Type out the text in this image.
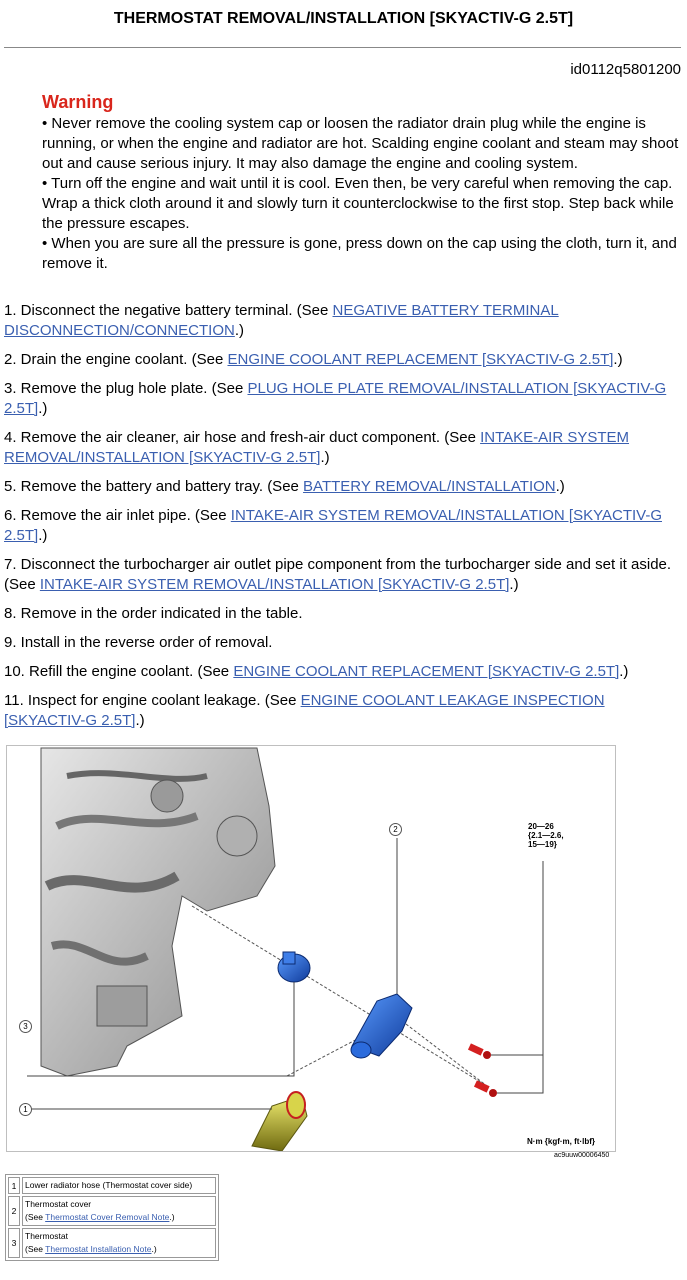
THERMOSTAT REMOVAL/INSTALLATION [SKYACTIV-G 2.5T]
id0112q5801200
Warning

• Never remove the cooling system cap or loosen the radiator drain plug while the engine is running, or when the engine and radiator are hot. Scalding engine coolant and steam may shoot out and cause serious injury. It may also damage the engine and cooling system.

• Turn off the engine and wait until it is cool. Even then, be very careful when removing the cap. Wrap a thick cloth around it and slowly turn it counterclockwise to the first stop. Step back while the pressure escapes.

• When you are sure all the pressure is gone, press down on the cap using the cloth, turn it, and remove it.

1. Disconnect the negative battery terminal. (See NEGATIVE BATTERY TERMINAL DISCONNECTION/CONNECTION.)

2. Drain the engine coolant. (See ENGINE COOLANT REPLACEMENT [SKYACTIV-G 2.5T].)

3. Remove the plug hole plate. (See PLUG HOLE PLATE REMOVAL/INSTALLATION [SKYACTIV-G 2.5T].)

4. Remove the air cleaner, air hose and fresh-air duct component. (See INTAKE-AIR SYSTEM REMOVAL/INSTALLATION [SKYACTIV-G 2.5T].)

5. Remove the battery and battery tray. (See BATTERY REMOVAL/INSTALLATION.)

6. Remove the air inlet pipe. (See INTAKE-AIR SYSTEM REMOVAL/INSTALLATION [SKYACTIV-G 2.5T].)

7. Disconnect the turbocharger air outlet pipe component from the turbocharger side and set it aside. (See INTAKE-AIR SYSTEM REMOVAL/INSTALLATION [SKYACTIV-G 2.5T].)

8. Remove in the order indicated in the table.

9. Install in the reverse order of removal.

10. Refill the engine coolant. (See ENGINE COOLANT REPLACEMENT [SKYACTIV-G 2.5T].)

11. Inspect for engine coolant leakage. (See ENGINE COOLANT LEAKAGE INSPECTION [SKYACTIV-G 2.5T].)

2
3
1
20—26
{2.1—2.6,
15—19}
N·m {kgf·m, ft·lbf}
ac9uuw00006450
1	Lower radiator hose (Thermostat cover side)
2	Thermostat cover
(See Thermostat Cover Removal Note.)

3	Thermostat
(See Thermostat Installation Note.)
